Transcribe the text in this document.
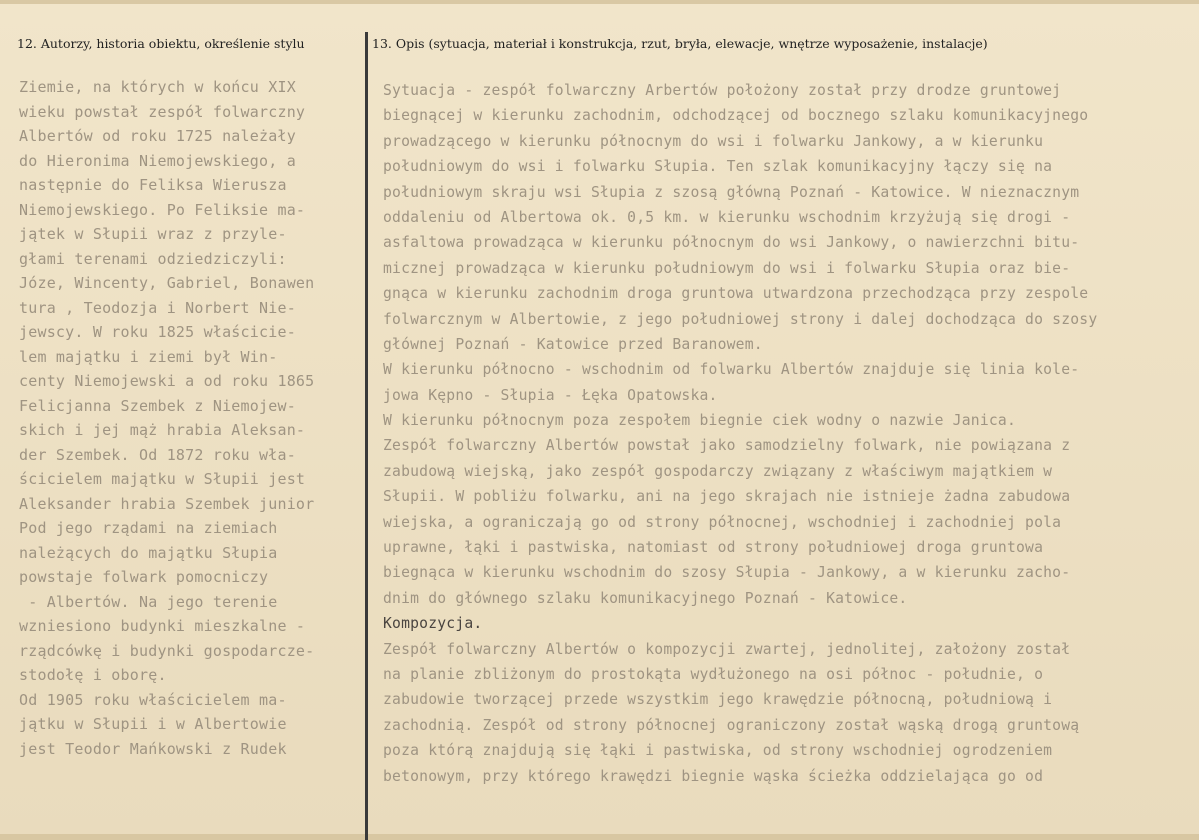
12. Autorzy, historia obiektu, określenie stylu	13. Opis (sytuacja, materiał i konstrukcja, rzut, bryła, elewacje, wnętrze wyposażenie, instalacje)
Ziemie, na których w końcu XIX
wieku powstał zespół folwarczny
Albertów od roku 1725 należały
do Hieronima Niemojewskiego, a
następnie do Feliksa Wierusza
Niemojewskiego. Po Feliksie ma-
jątek w Słupii wraz z przyle-
głami terenami odziedziczyli:
Józe, Wincenty, Gabriel, Bonawen
tura , Teodozja i Norbert Nie-
jewscy. W roku 1825 właścicie-
lem majątku i ziemi był Win-
centy Niemojewski a od roku 1865
Felicjanna Szembek z Niemojew-
skich i jej mąż hrabia Aleksan-
der Szembek. Od 1872 roku wła-
ścicielem majątku w Słupii jest
Aleksander hrabia Szembek junior
Pod jego rządami na ziemiach
należących do majątku Słupia
powstaje folwark pomocniczy
- Albertów. Na jego terenie
wzniesiono budynki mieszkalne -
rządcówkę i budynki gospodarcze-
stodołę i oborę.
Od 1905 roku właścicielem ma-
jątku w Słupii i w Albertowie
jest Teodor Mańkowski z Rudek
Sytuacja - zespół folwarczny Arbertów położony został przy drodze gruntowej
biegnącej w kierunku zachodnim, odchodzącej od bocznego szlaku komunikacyjnego
prowadzącego w kierunku północnym do wsi i folwarku Jankowy, a w kierunku
południowym do wsi i folwarku Słupia. Ten szlak komunikacyjny łączy się na
południowym skraju wsi Słupia z szosą główną Poznań - Katowice. W nieznacznym
oddaleniu od Albertowa ok. 0,5 km. w kierunku wschodnim krzyżują się drogi -
asfaltowa prowadząca w kierunku północnym do wsi Jankowy, o nawierzchni bitu-
micznej prowadząca w kierunku południowym do wsi i folwarku Słupia oraz bie-
gnąca w kierunku zachodnim droga gruntowa utwardzona przechodząca przy zespole
folwarcznym w Albertowie, z jego południowej strony i dalej dochodząca do szosy
głównej Poznań - Katowice przed Baranowem.
W kierunku północno - wschodnim od folwarku Albertów znajduje się linia kole-
jowa Kępno - Słupia - Łęka Opatowska.
W kierunku północnym poza zespołem biegnie ciek wodny o nazwie Janica.
Zespół folwarczny Albertów powstał jako samodzielny folwark, nie powiązana z
zabudową wiejską, jako zespół gospodarczy związany z właściwym majątkiem w
Słupii. W pobliżu folwarku, ani na jego skrajach nie istnieje żadna zabudowa
wiejska, a ograniczają go od strony północnej, wschodniej i zachodniej pola
uprawne, łąki i pastwiska, natomiast od strony południowej droga gruntowa
biegnąca w kierunku wschodnim do szosy Słupia - Jankowy, a w kierunku zacho-
dnim do głównego szlaku komunikacyjnego Poznań - Katowice.
Kompozycja.
Zespół folwarczny Albertów o kompozycji zwartej, jednolitej, założony został
na planie zbliżonym do prostokąta wydłużonego na osi północ - południe, o
zabudowie tworzącej przede wszystkim jego krawędzie północną, południową i
zachodnią. Zespół od strony północnej ograniczony został wąską drogą gruntową
poza którą znajdują się łąki i pastwiska, od strony wschodniej ogrodzeniem
betonowym, przy którego krawędzi biegnie wąska ścieżka oddzielająca go od
